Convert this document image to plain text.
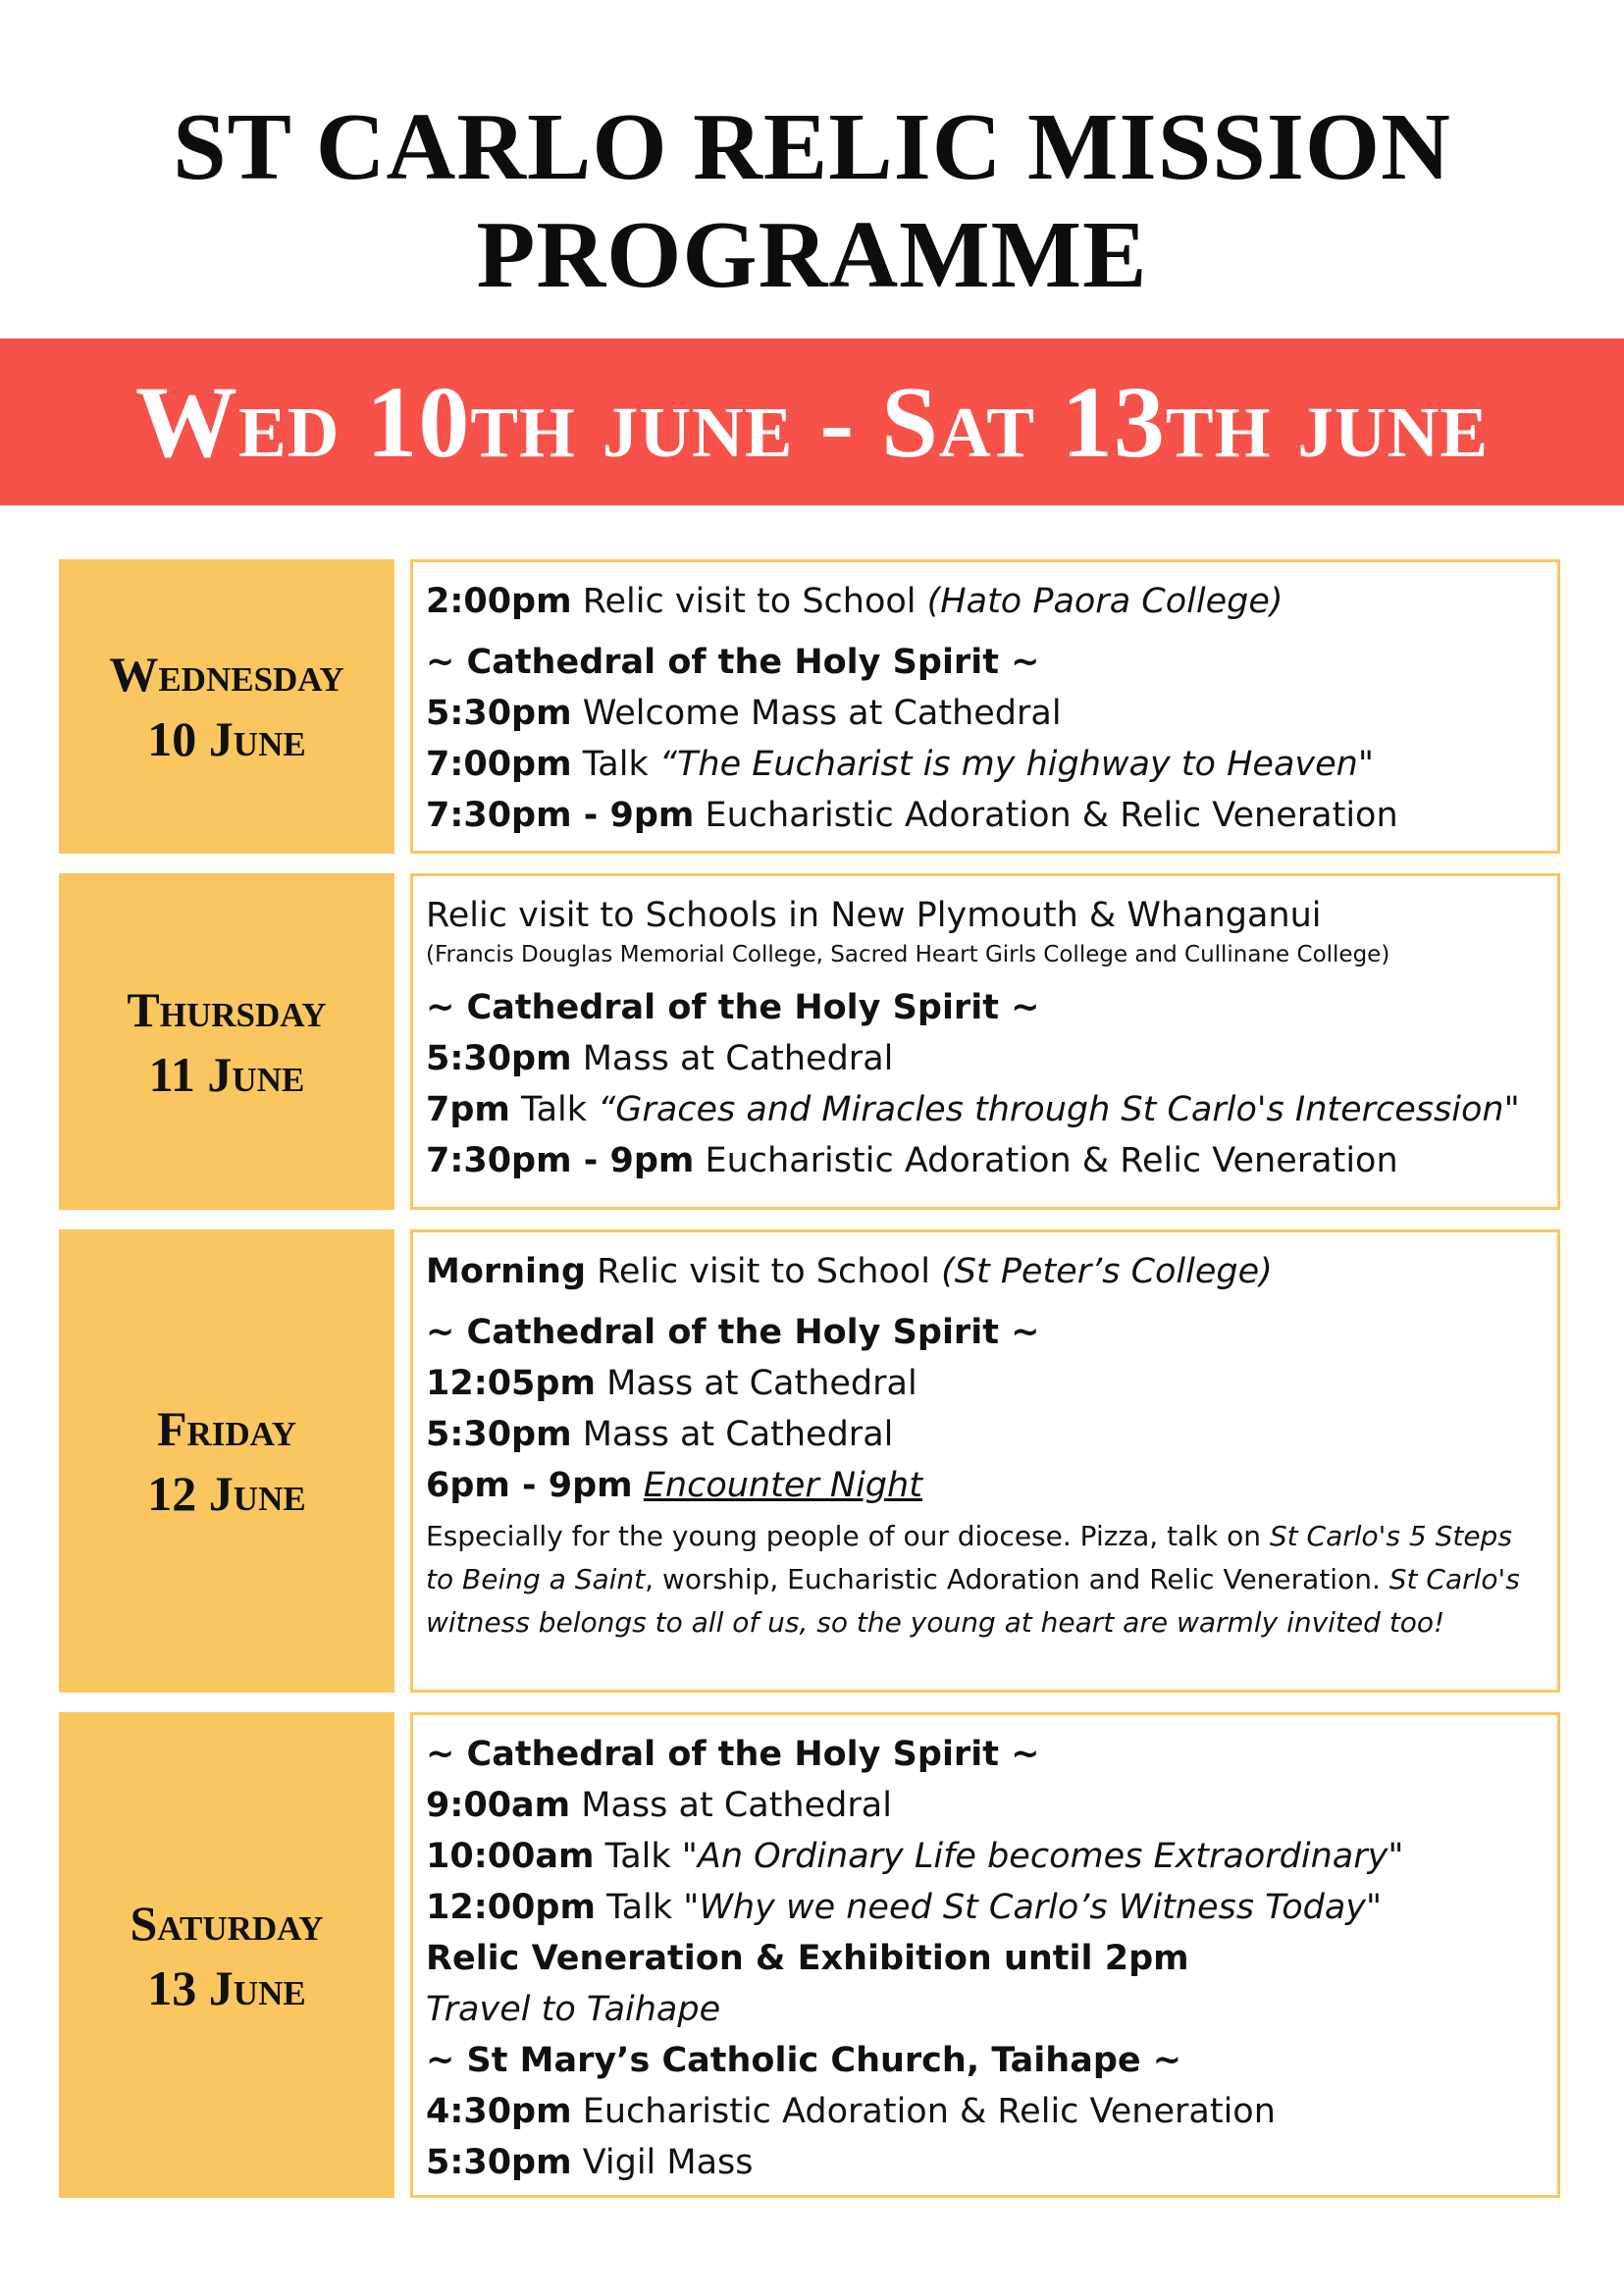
ST CARLO RELIC MISSION
PROGRAMME
Wed 10th june - Sat 13th june
Wednesday
10 June
2:00pm Relic visit to School (Hato Paora College)
~ Cathedral of the Holy Spirit ~
5:30pm Welcome Mass at Cathedral
7:00pm Talk “The Eucharist is my highway to Heaven"
7:30pm - 9pm Eucharistic Adoration & Relic Veneration
Thursday
11 June
Relic visit to Schools in New Plymouth & Whanganui
(Francis Douglas Memorial College, Sacred Heart Girls College and Cullinane College)
~ Cathedral of the Holy Spirit ~
5:30pm Mass at Cathedral
7pm Talk “Graces and Miracles through St Carlo's Intercession"
7:30pm - 9pm Eucharistic Adoration & Relic Veneration
Friday
12 June
Morning Relic visit to School (St Peter’s College)
~ Cathedral of the Holy Spirit ~
12:05pm Mass at Cathedral
5:30pm Mass at Cathedral
6pm - 9pm Encounter Night
Especially for the young people of our diocese. Pizza, talk on St Carlo's 5 Steps to Being a Saint, worship, Eucharistic Adoration and Relic Veneration. St Carlo's witness belongs to all of us, so the young at heart are warmly invited too!
Saturday
13 June
~ Cathedral of the Holy Spirit ~
9:00am Mass at Cathedral
10:00am Talk "An Ordinary Life becomes Extraordinary"
12:00pm Talk "Why we need St Carlo’s Witness Today"
Relic Veneration & Exhibition until 2pm
Travel to Taihape
~ St Mary’s Catholic Church, Taihape ~
4:30pm Eucharistic Adoration & Relic Veneration
5:30pm Vigil Mass
